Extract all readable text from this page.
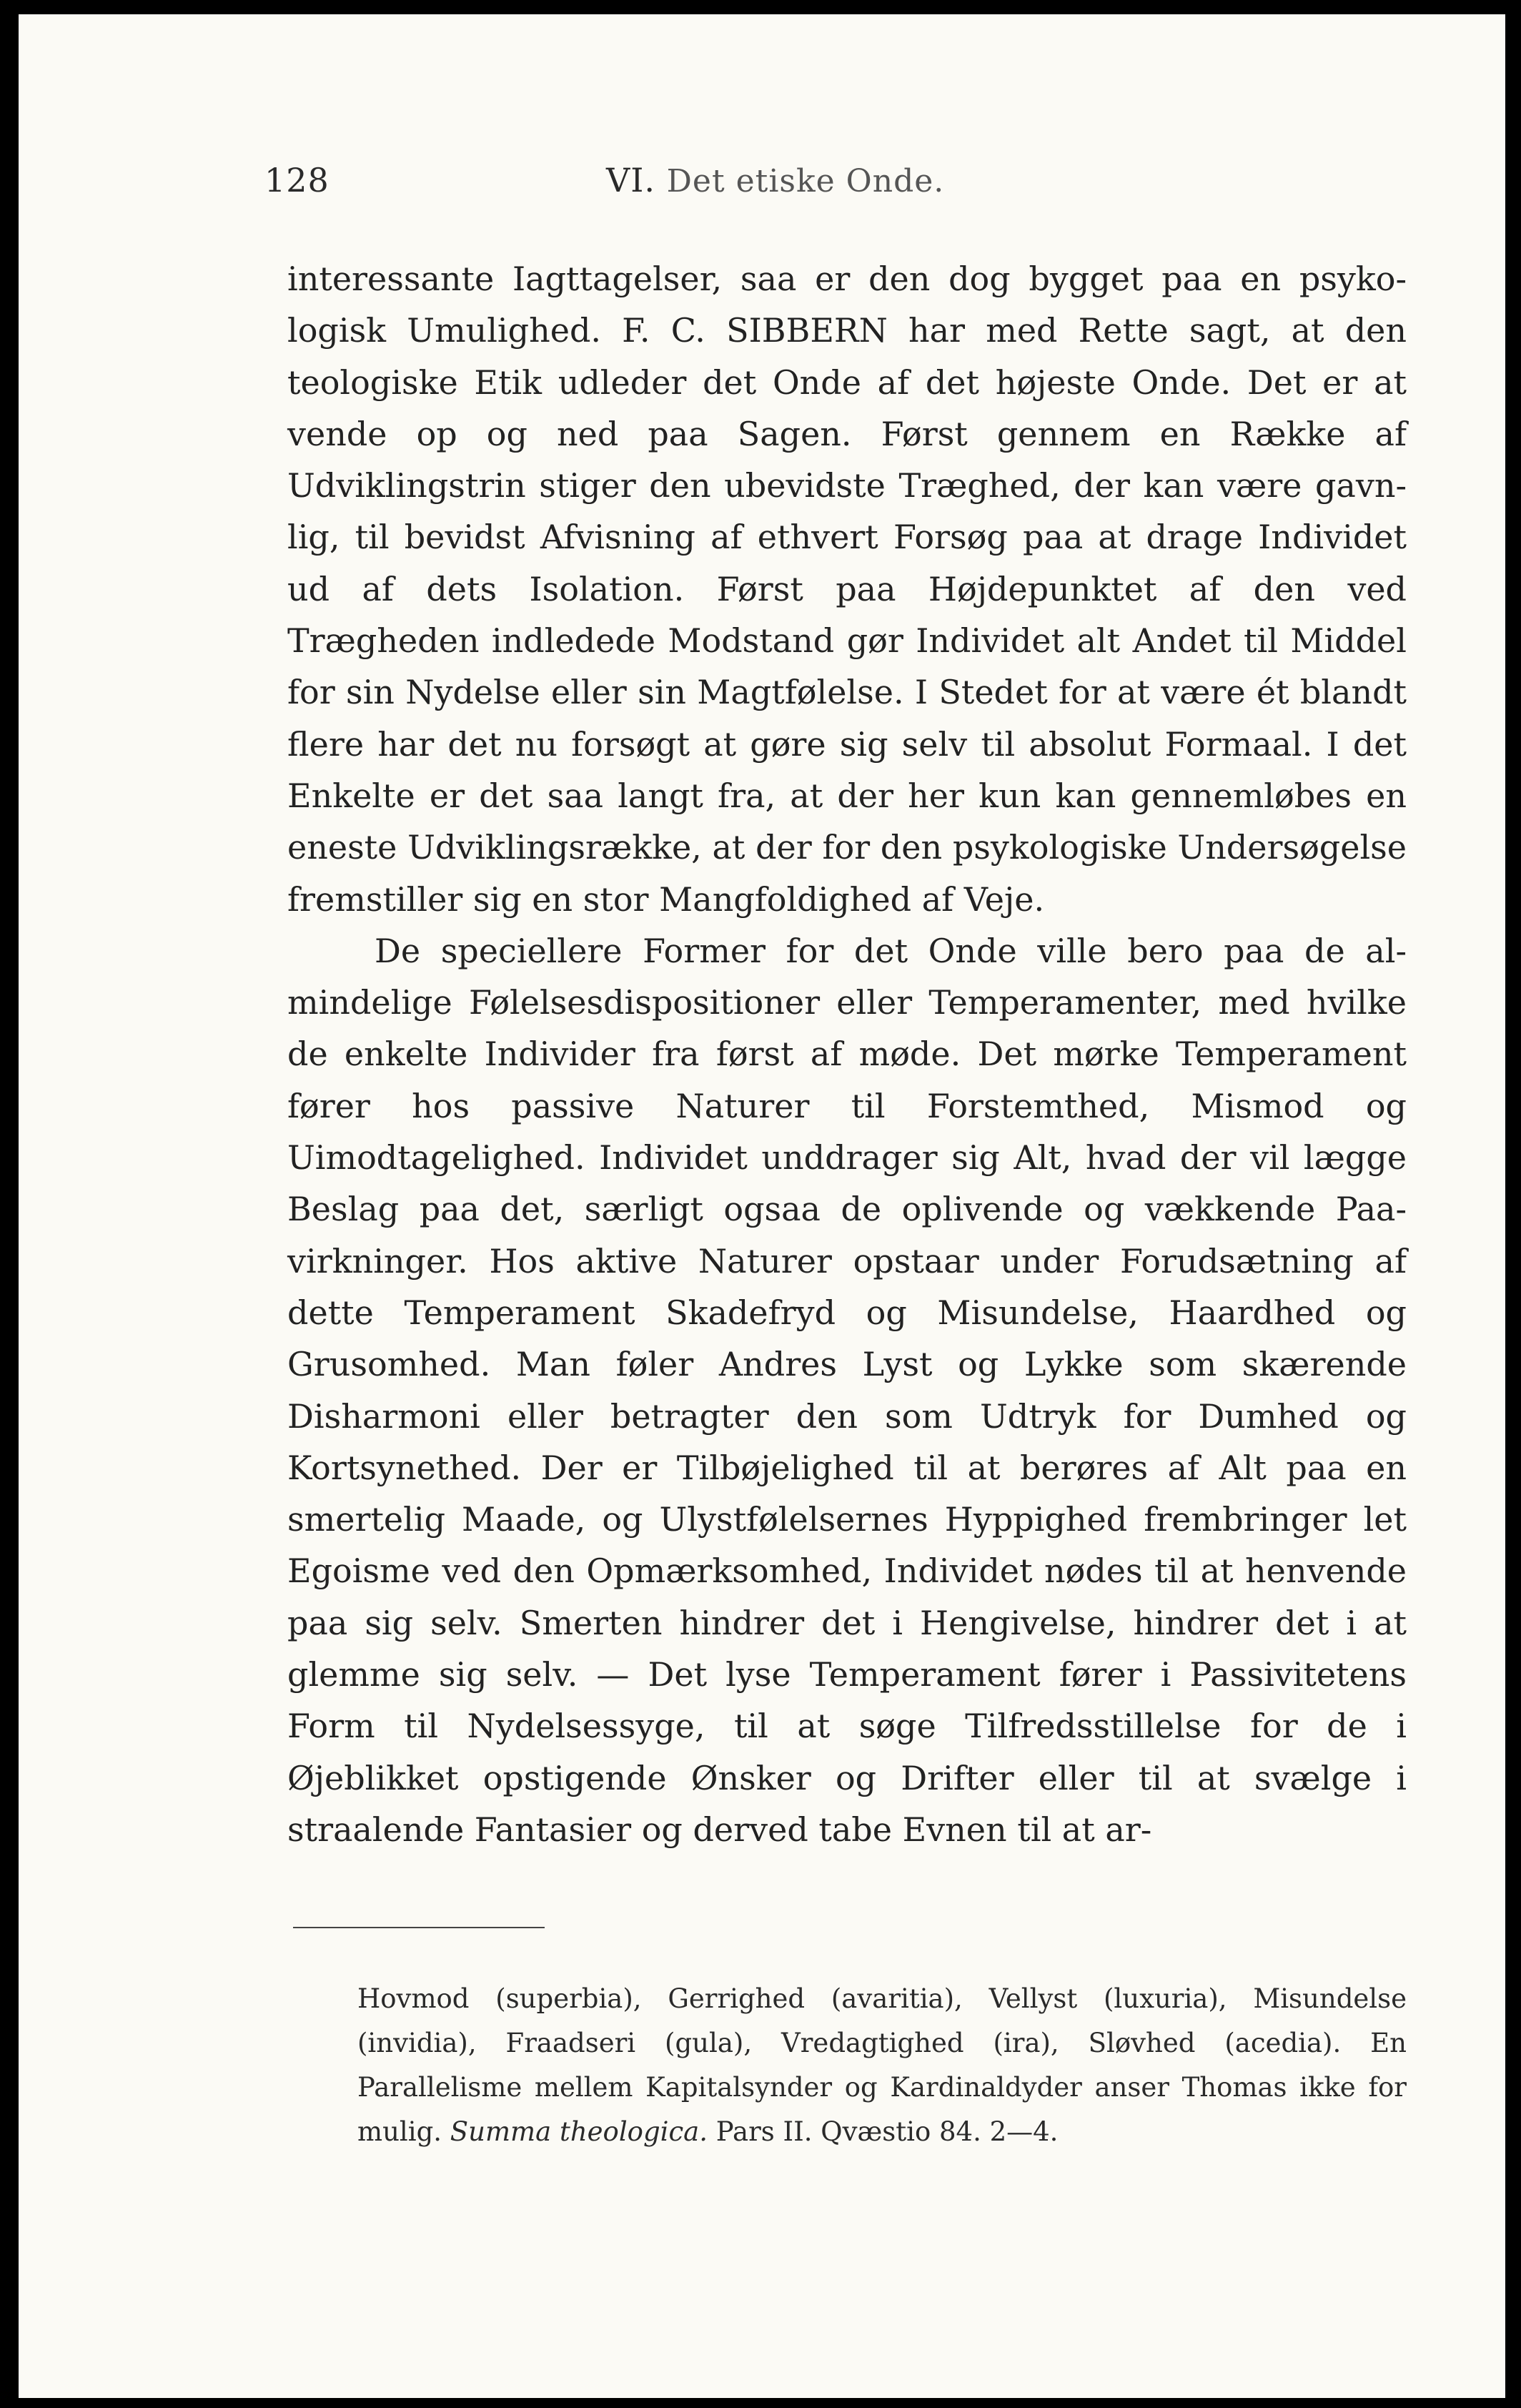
128	VI. Det etiske Onde.

interessante Iagttagelser, saa er den dog bygget paa en psykologisk Umulighed. F. C. SIBBERN har med Rette sagt, at den teologiske Etik udleder det Onde af det højeste Onde. Det er at vende op og ned paa Sagen. Først gennem en Række af Udviklingstrin stiger den ubevidste Træghed, der kan være gavnlig, til bevidst Afvisning af ethvert Forsøg paa at drage Individet ud af dets Isolation. Først paa Højdepunktet af den ved Trægheden indledede Modstand gør Individet alt Andet til Middel for sin Nydelse eller sin Magtfølelse. I Stedet for at være ét blandt flere har det nu forsøgt at gøre sig selv til absolut Formaal. I det Enkelte er det saa langt fra, at der her kun kan gennemløbes en eneste Udviklingsrække, at der for den psykologiske Undersøgelse fremstiller sig en stor Mangfoldighed af Veje.

De speciellere Former for det Onde ville bero paa de almindelige Følelsesdispositioner eller Temperamenter, med hvilke de enkelte Individer fra først af møde. Det mørke Temperament fører hos passive Naturer til Forstemthed, Mismod og Uimodtagelighed. Individet unddrager sig Alt, hvad der vil lægge Beslag paa det, særligt ogsaa de oplivende og vækkende Paavirkninger. Hos aktive Naturer opstaar under Forudsætning af dette Temperament Skadefryd og Misundelse, Haardhed og Grusomhed. Man føler Andres Lyst og Lykke som skærende Disharmoni eller betragter den som Udtryk for Dumhed og Kortsynethed. Der er Tilbøjelighed til at berøres af Alt paa en smertelig Maade, og Ulystfølelsernes Hyppighed frembringer let Egoisme ved den Opmærksomhed, Individet nødes til at henvende paa sig selv. Smerten hindrer det i Hengivelse, hindrer det i at glemme sig selv. — Det lyse Temperament fører i Passivitetens Form til Nydelsessyge, til at søge Tilfredsstillelse for de i Øjeblikket opstigende Ønsker og Drifter eller til at svælge i straalende Fantasier og derved tabe Evnen til at ar-

Hovmod (superbia), Gerrighed (avaritia), Vellyst (luxuria), Misundelse (invidia), Fraadseri (gula), Vredagtighed (ira), Sløvhed (acedia). En Parallelisme mellem Kapitalsynder og Kardinaldyder anser Thomas ikke for mulig. Summa theologica. Pars II. Qvæstio 84. 2—4.
